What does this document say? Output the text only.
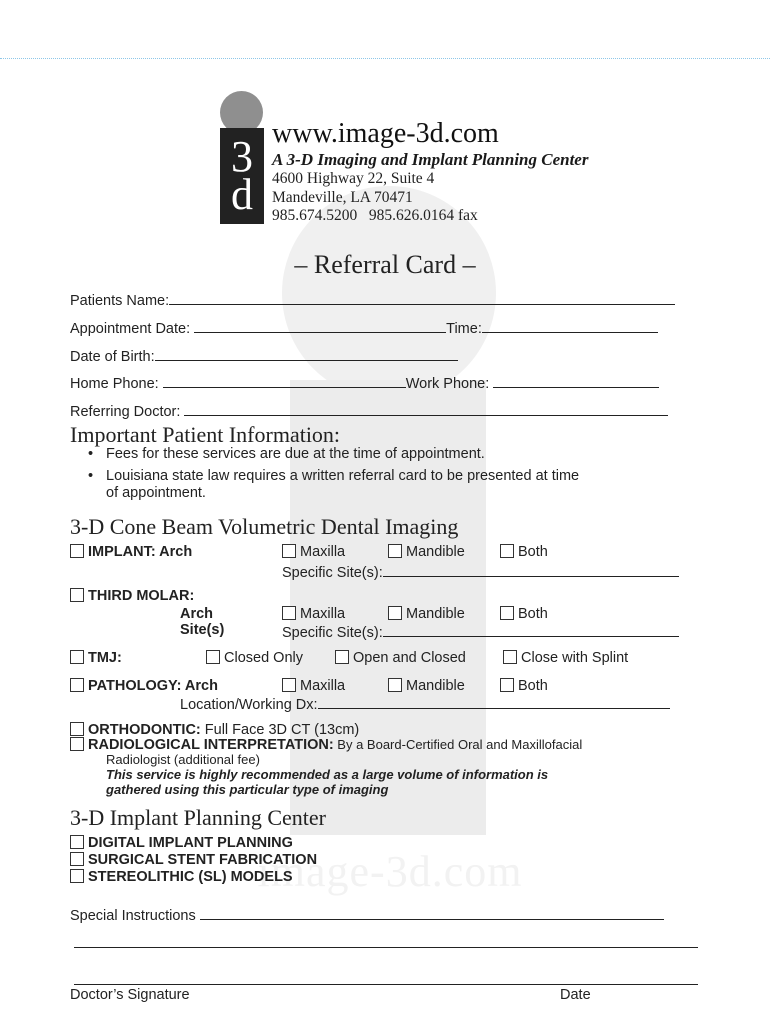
image-3d.com
3
d
www.image-3d.com
A 3-D Imaging and Implant Planning Center
4600 Highway 22, Suite 4
Mandeville, LA 70471
985.674.5200   985.626.0164 fax
– Referral Card –
Patients Name:
Appointment Date:	Time:
Date of Birth:
Home Phone:	Work Phone:
Referring Doctor:
Important Patient Information:
• Fees for these services are due at the time of appointment.
• Louisiana state law requires a written referral card to be presented at time
of appointment.
3-D Cone Beam Volumetric Dental Imaging
IMPLANT: Arch	Maxilla	Mandible	Both
Specific Site(s):
THIRD MOLAR:
Arch
Site(s)
Maxilla	Mandible	Both
Specific Site(s):
TMJ:	Closed Only	Open and Closed	Close with Splint
PATHOLOGY: Arch	Maxilla	Mandible	Both
Location/Working Dx:
ORTHODONTIC: Full Face 3D CT (13cm)
RADIOLOGICAL INTERPRETATION: By a Board-Certified Oral and Maxillofacial
Radiologist (additional fee)
This service is highly recommended as a large volume of information is
gathered using this particular type of imaging
3-D Implant Planning Center
DIGITAL IMPLANT PLANNING
SURGICAL STENT FABRICATION
STEREOLITHIC (SL) MODELS
Special Instructions
Doctor’s Signature	Date
